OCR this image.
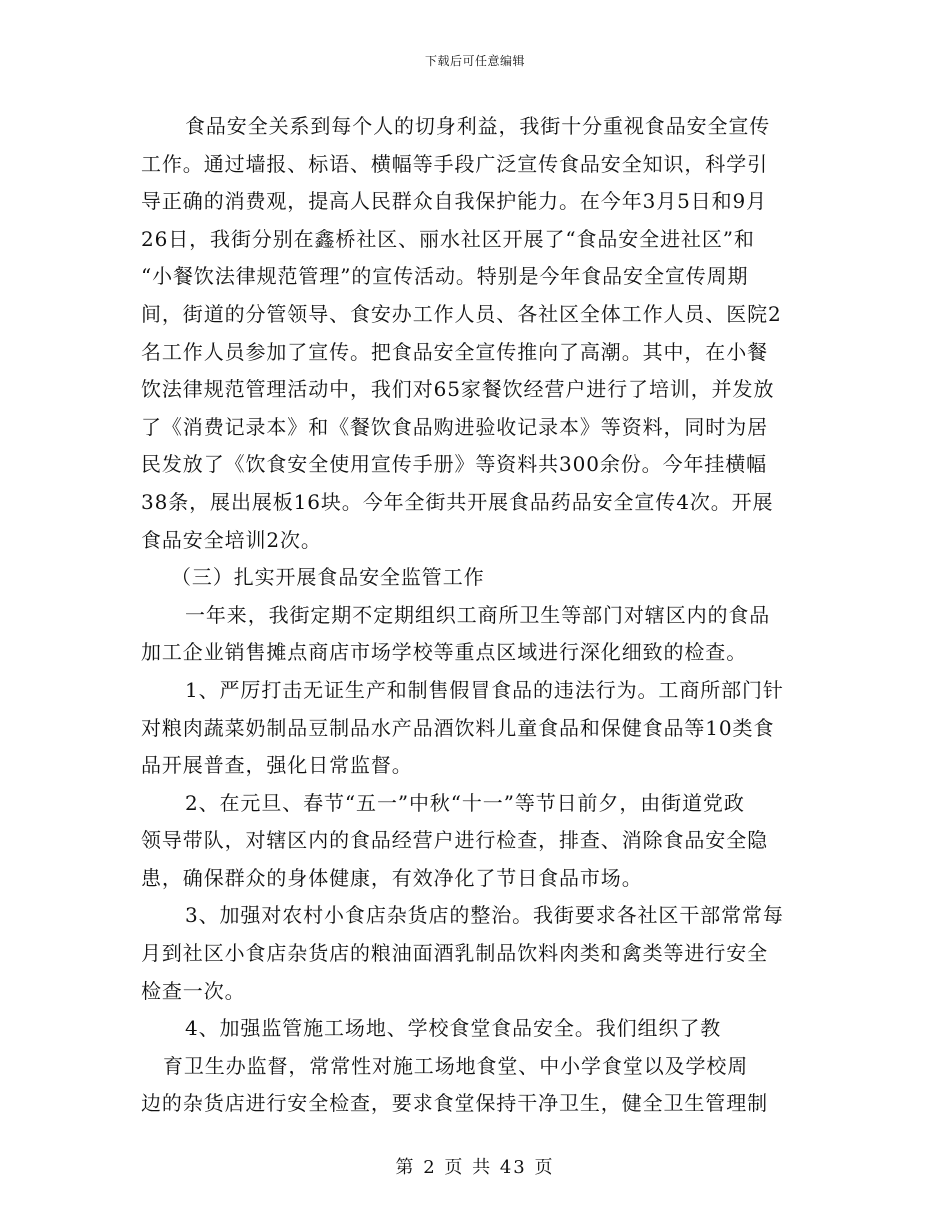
下载后可任意编辑
食品安全关系到每个人的切身利益，我街十分重视食品安全宣传
工作。通过墙报、标语、横幅等手段广泛宣传食品安全知识，科学引
导正确的消费观，提高人民群众自我保护能力。在今年3月5日和9月
26日，我街分别在鑫桥社区、丽水社区开展了“食品安全进社区”和
“小餐饮法律规范管理”的宣传活动。特别是今年食品安全宣传周期
间，街道的分管领导、食安办工作人员、各社区全体工作人员、医院2
名工作人员参加了宣传。把食品安全宣传推向了高潮。其中，在小餐
饮法律规范管理活动中，我们对65家餐饮经营户进行了培训，并发放
了《消费记录本》和《餐饮食品购进验收记录本》等资料，同时为居
民发放了《饮食安全使用宣传手册》等资料共300余份。今年挂横幅
38条，展出展板16块。今年全街共开展食品药品安全宣传4次。开展
食品安全培训2次。
（三）扎实开展食品安全监管工作
一年来，我街定期不定期组织工商所卫生等部门对辖区内的食品
加工企业销售摊点商店市场学校等重点区域进行深化细致的检查。
1、严厉打击无证生产和制售假冒食品的违法行为。工商所部门针
对粮肉蔬菜奶制品豆制品水产品酒饮料儿童食品和保健食品等10类食
品开展普查，强化日常监督。
2、在元旦、春节“五一”中秋“十一”等节日前夕，由街道党政
领导带队，对辖区内的食品经营户进行检查，排查、消除食品安全隐
患，确保群众的身体健康，有效净化了节日食品市场。
3、加强对农村小食店杂货店的整治。我街要求各社区干部常常每
月到社区小食店杂货店的粮油面酒乳制品饮料肉类和禽类等进行安全
检查一次。
4、加强监管施工场地、学校食堂食品安全。我们组织了教
育卫生办监督，常常性对施工场地食堂、中小学食堂以及学校周
边的杂货店进行安全检查，要求食堂保持干净卫生，健全卫生管理制
第 2 页 共 43 页
